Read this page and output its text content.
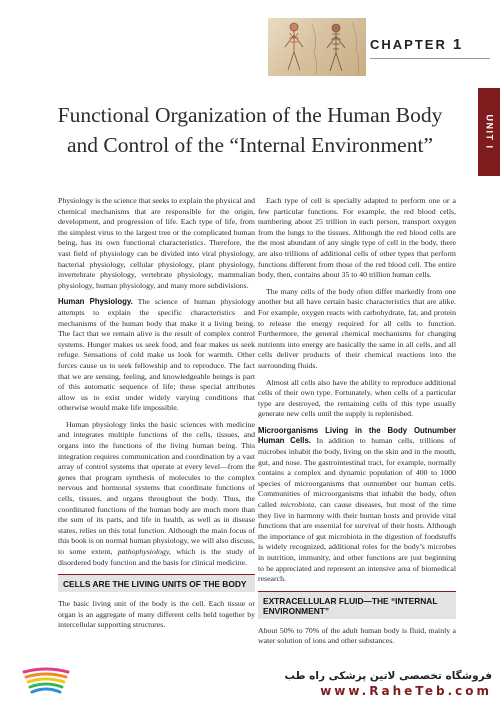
CHAPTER 1
UNIT I
Functional Organization of the Human Body and Control of the “Internal Environment”

Physiology is the science that seeks to explain the physical and chemical mechanisms that are responsible for the origin, development, and progression of life. Each type of life, from the simplest virus to the largest tree or the complicated human being, has its own functional characteristics. Therefore, the vast field of physiology can be divided into viral physiology, bacterial physiology, cellular physiology, plant physiology, invertebrate physiology, vertebrate physiology, mammalian physiology, human physiology, and many more subdivisions.

Human Physiology. The science of human physiology attempts to explain the specific characteristics and mechanisms of the human body that make it a living being. The fact that we remain alive is the result of complex control systems. Hunger makes us seek food, and fear makes us seek refuge. Sensations of cold make us look for warmth. Other forces cause us to seek fellowship and to reproduce. The fact that we are sensing, feeling, and knowledgeable beings is part of this automatic sequence of life; these special attributes allow us to exist under widely varying conditions that otherwise would make life impossible.

Human physiology links the basic sciences with medicine and integrates multiple functions of the cells, tissues, and organs into the functions of the living human being. This integration requires communication and coordination by a vast array of control systems that operate at every level—from the genes that program synthesis of molecules to the complex nervous and hormonal systems that coordinate functions of cells, tissues, and organs throughout the body. Thus, the coordinated functions of the human body are much more than the sum of its parts, and life in health, as well as in disease states, relies on this total function. Although the main focus of this book is on normal human physiology, we will also discuss, to some extent, pathophysiology, which is the study of disordered body function and the basis for clinical medicine.

CELLS ARE THE LIVING UNITS OF THE BODY

The basic living unit of the body is the cell. Each tissue or organ is an aggregate of many different cells held together by intercellular supporting structures.

Each type of cell is specially adapted to perform one or a few particular functions. For example, the red blood cells, numbering about 25 trillion in each person, transport oxygen from the lungs to the tissues. Although the red blood cells are the most abundant of any single type of cell in the body, there are also trillions of additional cells of other types that perform functions different from those of the red blood cell. The entire body, then, contains about 35 to 40 trillion human cells.

The many cells of the body often differ markedly from one another but all have certain basic characteristics that are alike. For example, oxygen reacts with carbohydrate, fat, and protein to release the energy required for all cells to function. Furthermore, the general chemical mechanisms for changing nutrients into energy are basically the same in all cells, and all cells deliver products of their chemical reactions into the surrounding fluids.

Almost all cells also have the ability to reproduce additional cells of their own type. Fortunately, when cells of a particular type are destroyed, the remaining cells of this type usually generate new cells until the supply is replenished.

Microorganisms Living in the Body Outnumber Human Cells. In addition to human cells, trillions of microbes inhabit the body, living on the skin and in the mouth, gut, and nose. The gastrointestinal tract, for example, normally contains a complex and dynamic population of 400 to 1000 species of microorganisms that outnumber our human cells. Communities of microorganisms that inhabit the body, often called microbiota, can cause diseases, but most of the time they live in harmony with their human hosts and provide vital functions that are essential for survival of their hosts. Although the importance of gut microbiota in the digestion of foodstuffs is widely recognized, additional roles for the body’s microbes in nutrition, immunity, and other functions are just beginning to be appreciated and represent an intensive area of biomedical research.

EXTRACELLULAR FLUID—THE “INTERNAL ENVIRONMENT”

About 50% to 70% of the adult human body is fluid, mainly a water solution of ions and other substances.

فروشگاه تخصصی لاتین پزشکی راه طب
www.RaheTeb.com
